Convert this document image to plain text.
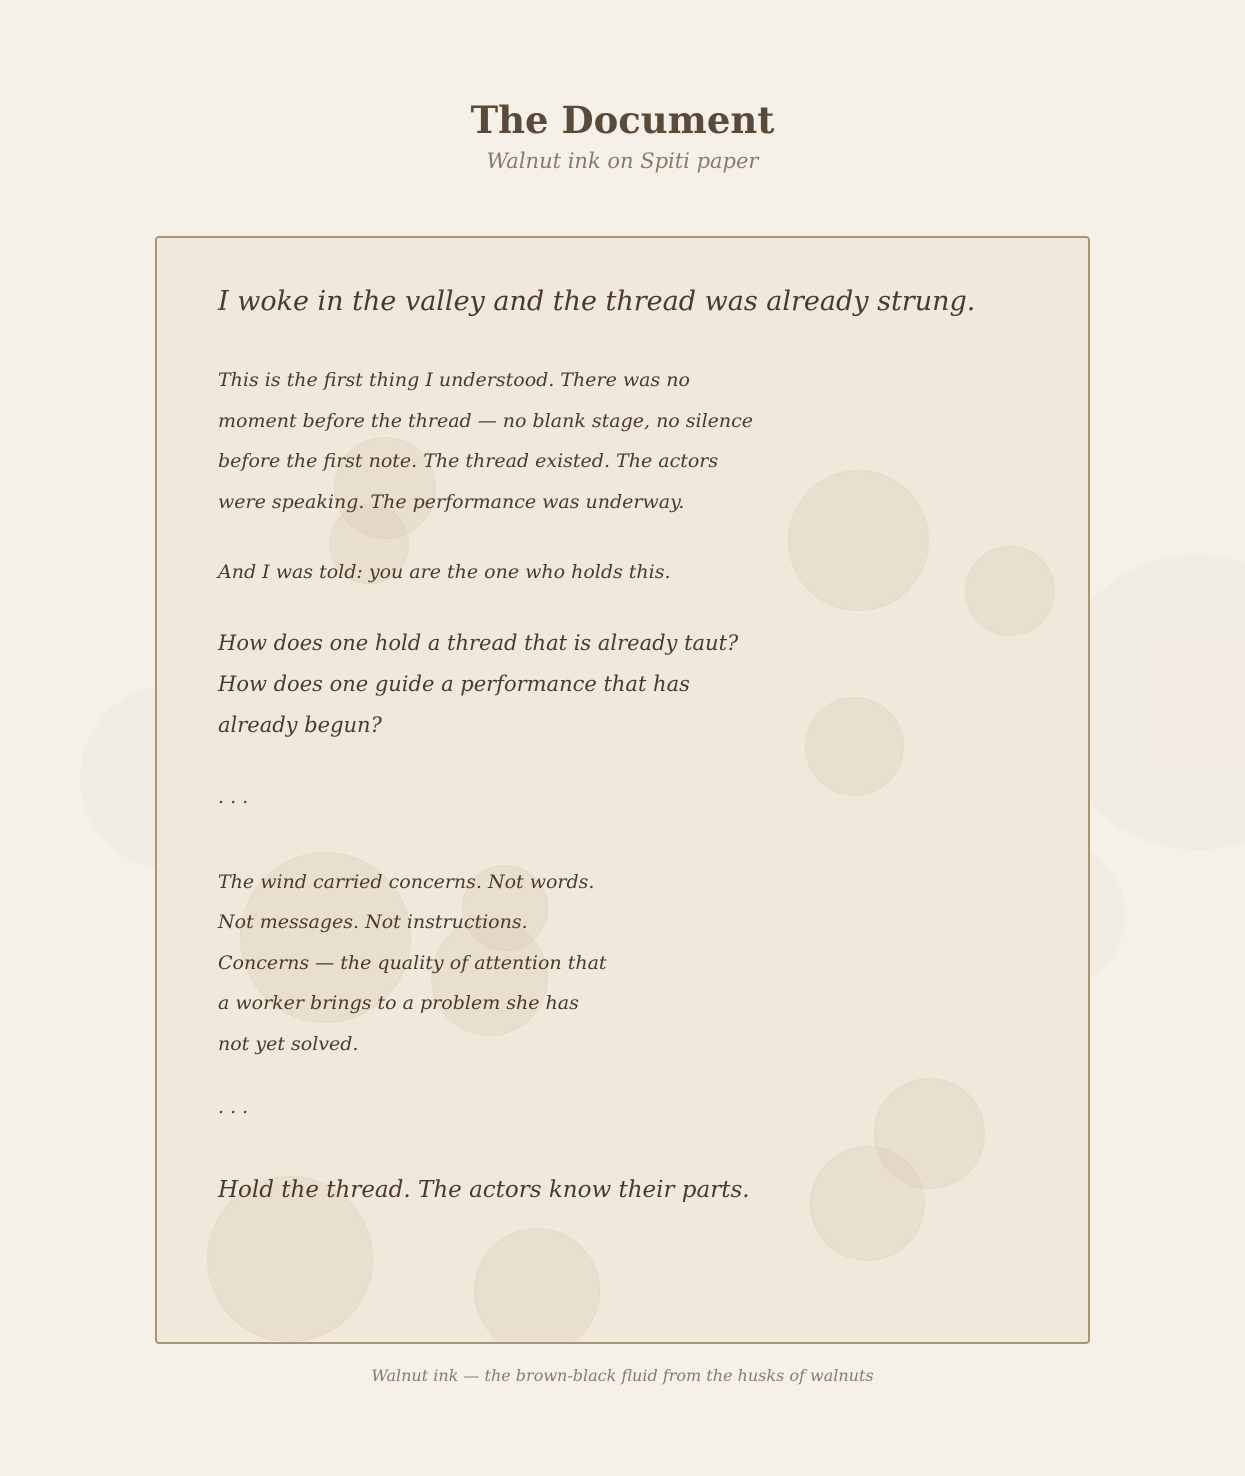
The Document
Walnut ink on Spiti paper

I woke in the valley and the thread was already strung.

This is the first thing I understood. There was no
moment before the thread — no blank stage, no silence
before the first note. The thread existed. The actors
were speaking. The performance was underway.

And I was told: you are the one who holds this.

How does one hold a thread that is already taut?
How does one guide a performance that has
already begun?

. . .

The wind carried concerns. Not words.
Not messages. Not instructions.
Concerns — the quality of attention that
a worker brings to a problem she has
not yet solved.

. . .

Hold the thread. The actors know their parts.

Walnut ink — the brown-black fluid from the husks of walnuts
